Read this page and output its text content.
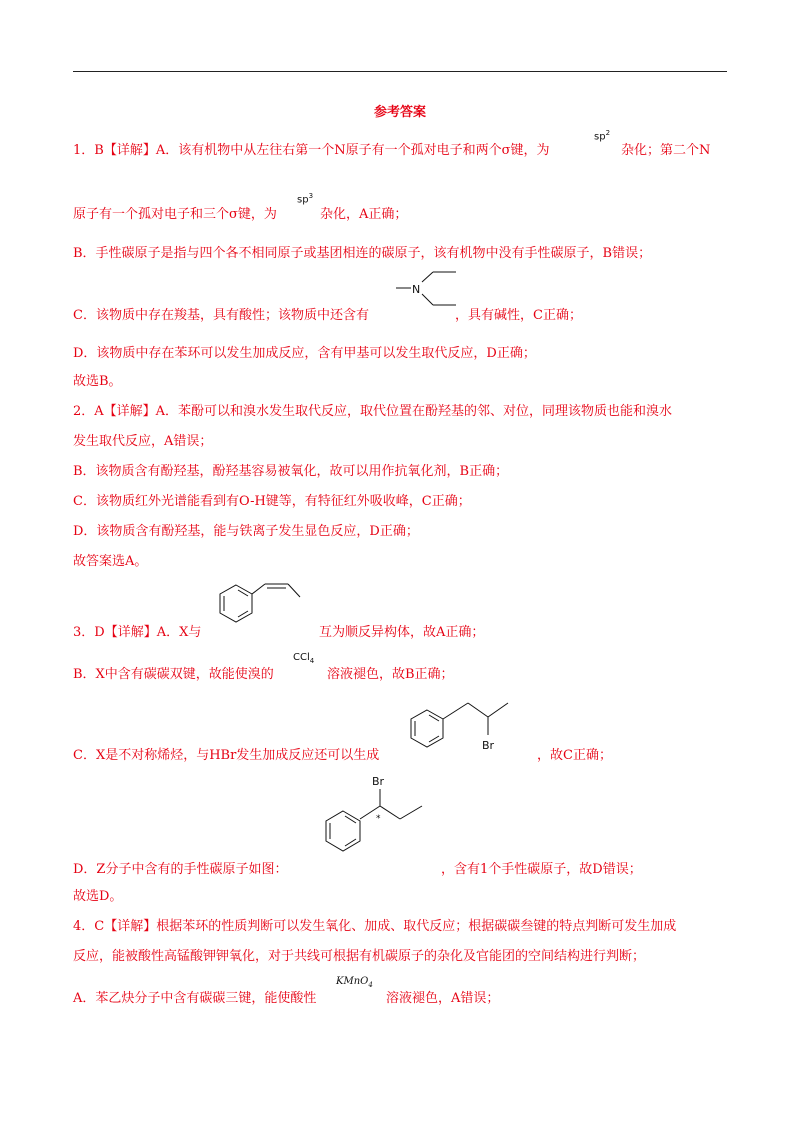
参考答案
1．B【详解】A．该有机物中从左往右第一个N原子有一个孤对电子和两个σ键，为
$sp^2$
杂化；第二个N
原子有一个孤对电子和三个σ键，为
$sp^3$
杂化，A正确；
B．手性碳原子是指与四个各不相同原子或基团相连的碳原子，该有机物中没有手性碳原子，B错误；
N
C．该物质中存在羧基，具有酸性；该物质中还含有	，具有碱性，C正确；
D．该物质中存在苯环可以发生加成反应，含有甲基可以发生取代反应，D正确；
故选B。
2．A【详解】A．苯酚可以和溴水发生取代反应，取代位置在酚羟基的邻、对位，同理该物质也能和溴水
发生取代反应，A错误；
B．该物质含有酚羟基，酚羟基容易被氧化，故可以用作抗氧化剂，B正确；
C．该物质红外光谱能看到有O-H键等，有特征红外吸收峰，C正确；
D．该物质含有酚羟基，能与铁离子发生显色反应，D正确；
故答案选A。
3．D【详解】A．X与	互为顺反异构体，故A正确；
CCl$_4$
B．X中含有碳碳双键，故能使溴的	溶液褪色，故B正确；
Br
C．X是不对称烯烃，与HBr发生加成反应还可以生成	，故C正确；
Br
*
D．Z分子中含有的手性碳原子如图：	，含有1个手性碳原子，故D错误；
故选D。
4．C【详解】根据苯环的性质判断可以发生氧化、加成、取代反应；根据碳碳叁键的特点判断可发生加成
反应，能被酸性高锰酸钾钾氧化，对于共线可根据有机碳原子的杂化及官能团的空间结构进行判断；
KMnO$_4$
A．苯乙炔分子中含有碳碳三键，能使酸性	溶液褪色，A错误；
